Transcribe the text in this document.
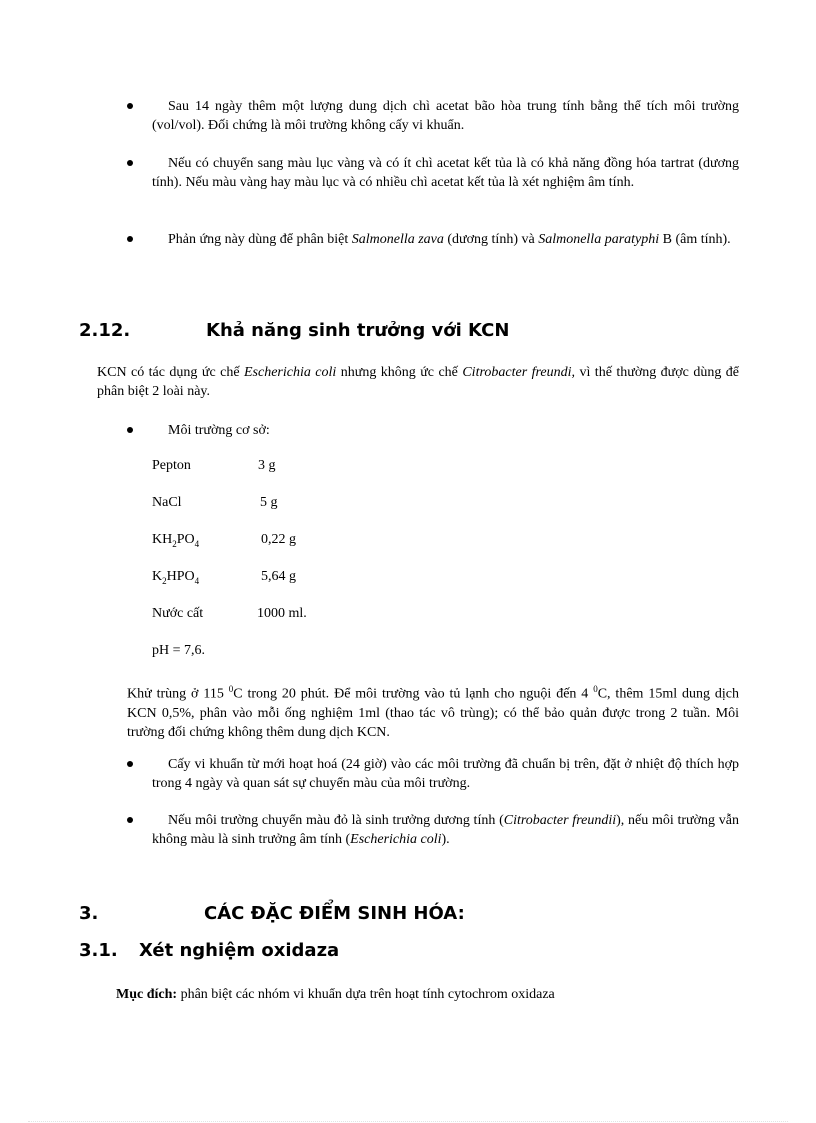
Sau 14 ngày thêm một lượng dung dịch chì acetat bão hòa trung tính bằng thể tích môi trường (vol/vol). Đối chứng là môi trường không cấy vi khuẩn.
Nếu có chuyển sang màu lục vàng và có ít chì acetat kết tủa là có khả năng đồng hóa tartrat (dương tính). Nếu màu vàng hay màu lục và có nhiều chì acetat kết tủa là xét nghiệm âm tính.
Phản ứng này dùng để phân biệt Salmonella zava (dương tính) và Salmonella paratyphi B (âm tính).
2.12.	Khả năng sinh trưởng với KCN
KCN có tác dụng ức chế Escherichia coli nhưng không ức chế Citrobacter freundi, vì thế thường được dùng để phân biệt 2 loài này.
Môi trường cơ sở:
Pepton	3 g
NaCl	5 g
$KH_2PO_4$	0,22 g
$K_2HPO_4$	5,64 g
Nước cất	1000 ml.
pH = 7,6.
Khử trùng ở 115 $^0$C trong 20 phút. Để môi trường vào tủ lạnh cho nguội đến 4 $^0$C, thêm 15ml dung dịch KCN 0,5%, phân vào mỗi ống nghiệm 1ml (thao tác vô trùng); có thể bảo quản được trong 2 tuần. Môi trường đối chứng không thêm dung dịch KCN.
Cấy vi khuẩn từ mới hoạt hoá (24 giờ) vào các môi trường đã chuẩn bị trên, đặt ở nhiệt độ thích hợp trong 4 ngày và quan sát sự chuyển màu của môi trường.
Nếu môi trường chuyển màu đỏ là sinh trưởng dương tính (Citrobacter freundii), nếu môi trường vẫn không màu là sinh trưởng âm tính (Escherichia coli).
3.	CÁC ĐẶC ĐIỂM SINH HÓA:
3.1. Xét nghiệm oxidaza
Mục đích: phân biệt các nhóm vi khuẩn dựa trên hoạt tính cytochrom oxidaza
